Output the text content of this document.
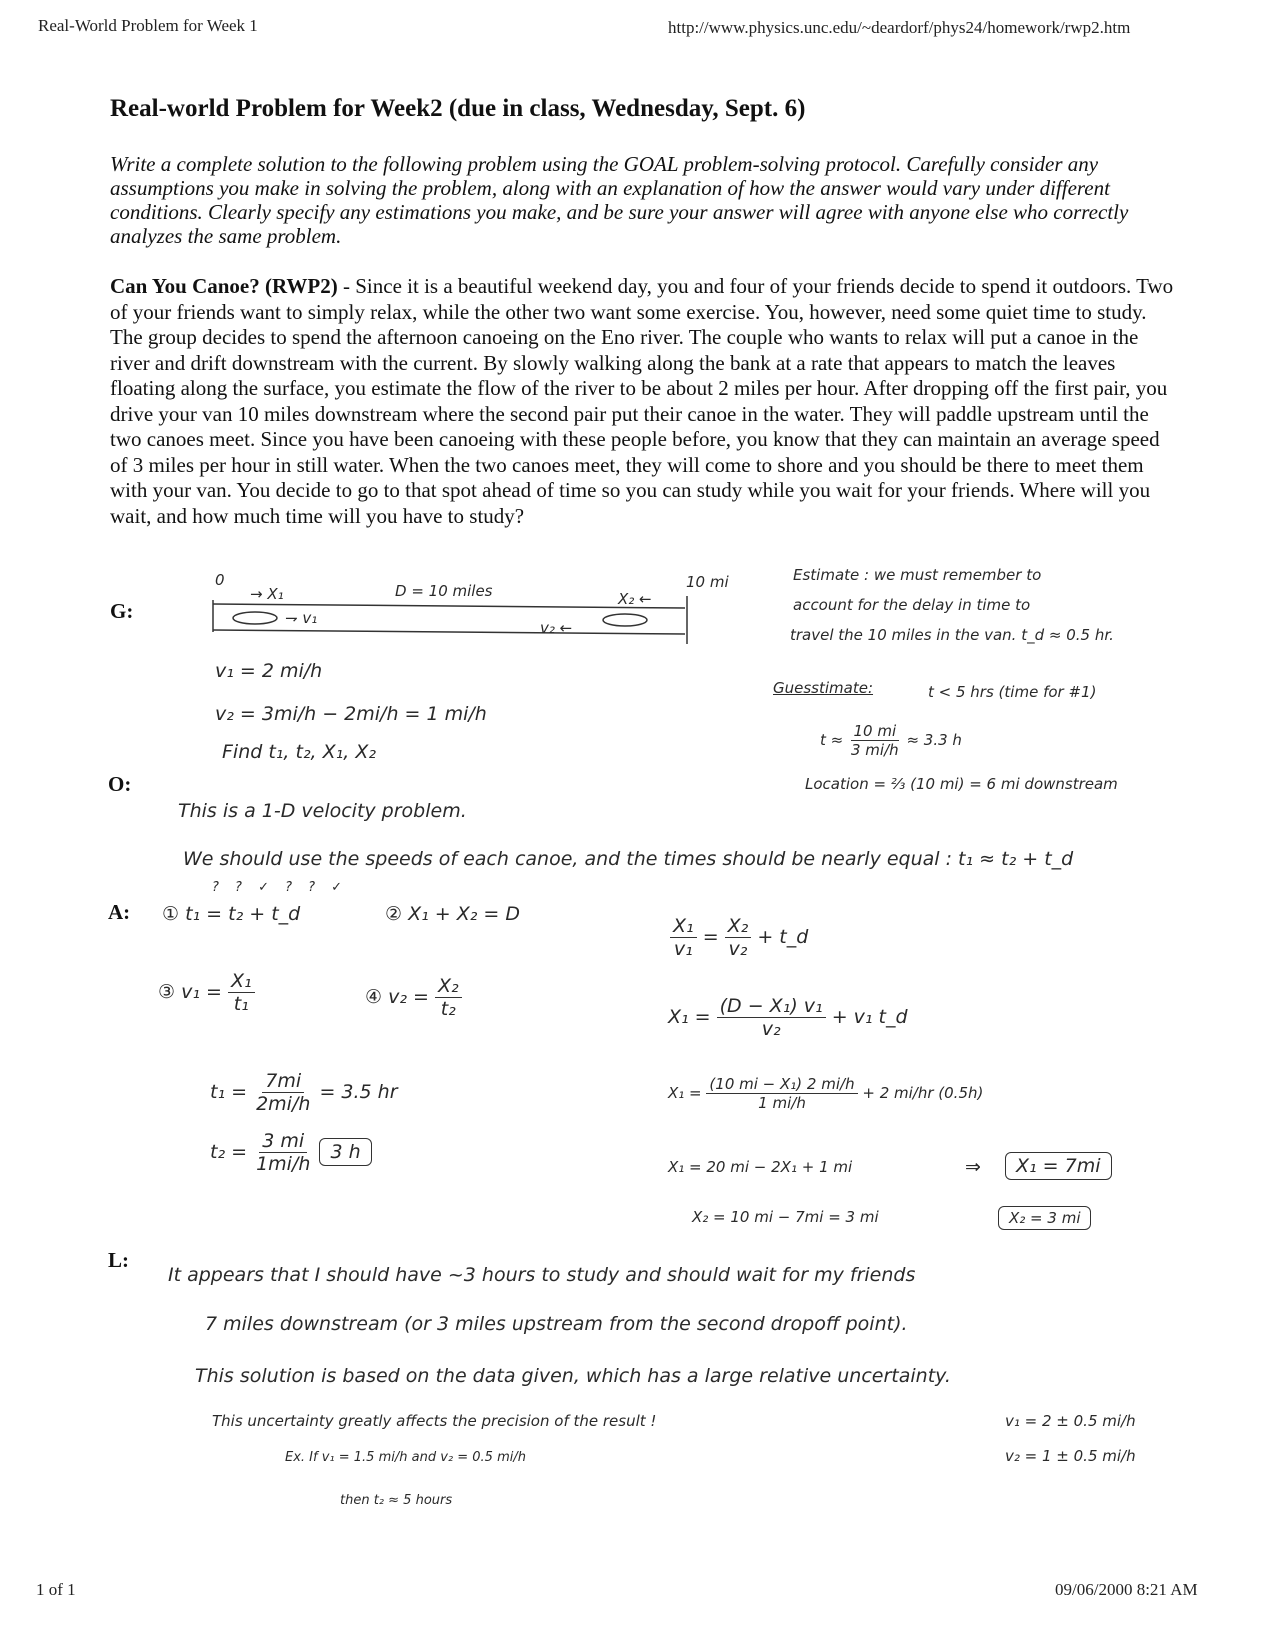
Real-World Problem for Week 1	http://www.physics.unc.edu/~deardorf/phys24/homework/rwp2.htm
1 of 1	09/06/2000 8:21 AM
Real-world Problem for Week2 (due in class, Wednesday, Sept. 6)
Write a complete solution to the following problem using the GOAL problem-solving protocol. Carefully consider any assumptions you make in solving the problem, along with an explanation of how the answer would vary under different conditions. Clearly specify any estimations you make, and be sure your answer will agree with anyone else who correctly analyzes the same problem.
Can You Canoe? (RWP2) - Since it is a beautiful weekend day, you and four of your friends decide to spend it outdoors. Two of your friends want to simply relax, while the other two want some exercise. You, however, need some quiet time to study. The group decides to spend the afternoon canoeing on the Eno river. The couple who wants to relax will put a canoe in the river and drift downstream with the current. By slowly walking along the bank at a rate that appears to match the leaves floating along the surface, you estimate the flow of the river to be about 2 miles per hour. After dropping off the first pair, you drive your van 10 miles downstream where the second pair put their canoe in the water. They will paddle upstream until the two canoes meet. Since you have been canoeing with these people before, you know that they can maintain an average speed of 3 miles per hour in still water. When the two canoes meet, they will come to shore and you should be there to meet them with your van. You decide to go to that spot ahead of time so you can study while you wait for your friends. Where will you wait, and how much time will you have to study?
G:
O:
A:
L:
0
→ X₁	D = 10 miles	10 mi
X₂ ←
⇁ v₁
v₂ ←
v₁ = 2 mi/h
v₂ = 3mi/h − 2mi/h = 1 mi/h
Find t₁, t₂, X₁, X₂
Estimate : we must remember to
account for the delay in time to
travel the 10 miles in the van. t_d ≈ 0.5 hr.
Guesstimate:	t < 5 hrs (time for #1)
$t \approx \frac{10 mi}{3 mi/h} \approx 3.3$ h
Location = ⅔ (10 mi) = 6 mi downstream
This is a 1-D velocity problem.
We should use the speeds of each canoe, and the times should be nearly equal : t₁ ≈ t₂ + t_d
? ? ✓ ? ? ✓
① t₁ = t₂ + t_d	② X₁ + X₂ = D
③ $v_1 = \frac{\text{X₁}}{\text{t₁}}$	④ $v_2 = \frac{\text{X₂}}{\text{t₂}}$
$t_1 = \frac{7mi}{2mi/h} = 3.5$ hr
$t_2 = \frac{3 mi}{1mi/h} 3$ h
$\frac{\text{X₁}}{\text{v₁}} = \frac{\text{X₂}}{\text{v₂}}$ + t_d
$X_1 = \frac{\text{(D − X₁) v₁}}{\text{v₂}} + v_1$ t_d
$X_1 = \frac{\text{(10 mi − X₁) 2 mi/h}}{1 mi/h} + 2$ mi/hr (0.5h)
X₁ = 20 mi − 2X₁ + 1 mi	⇒	X₁ = 7mi
X₂ = 10 mi − 7mi = 3 mi	X₂ = 3 mi
It appears that I should have ~3 hours to study and should wait for my friends
7 miles downstream (or 3 miles upstream from the second dropoff point).
This solution is based on the data given, which has a large relative uncertainty.
This uncertainty greatly affects the precision of the result !	v₁ = 2 ± 0.5 mi/h
v₂ = 1 ± 0.5 mi/h
Ex. If v₁ = 1.5 mi/h and v₂ = 0.5 mi/h
then t₂ ≈ 5 hours
